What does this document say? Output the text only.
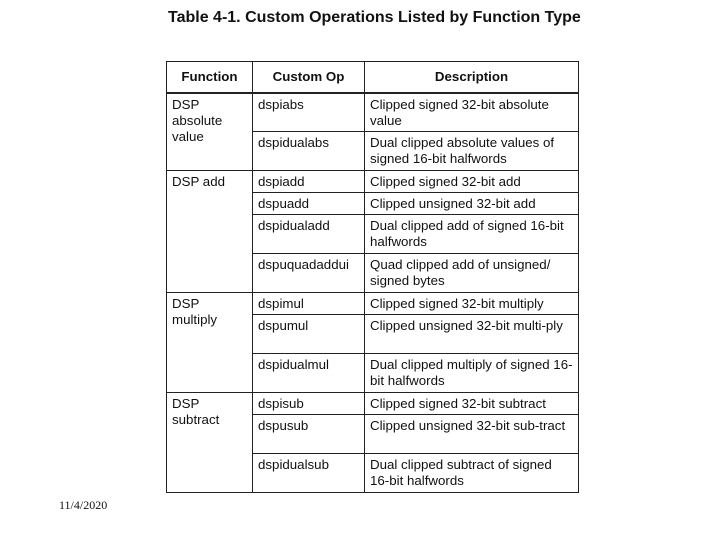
Table 4-1. Custom Operations Listed by Function Type
Function	Custom Op	Description
DSP absolute value	dspiabs	Clipped signed 32-bit absolute value
	dspidualabs	Dual clipped absolute values of signed 16-bit halfwords
DSP add	dspiadd	Clipped signed 32-bit add
	dspuadd	Clipped unsigned 32-bit add
	dspidualadd	Dual clipped add of signed 16-bit halfwords
	dspuquadaddui	Quad clipped add of unsigned/ signed bytes
DSP multiply	dspimul	Clipped signed 32-bit multiply
	dspumul	Clipped unsigned 32-bit multi-ply
	dspidualmul	Dual clipped multiply of signed 16-bit halfwords
DSP subtract	dspisub	Clipped signed 32-bit subtract
	dspusub	Clipped unsigned 32-bit sub-tract
	dspidualsub	Dual clipped subtract of signed 16-bit halfwords
11/4/2020
